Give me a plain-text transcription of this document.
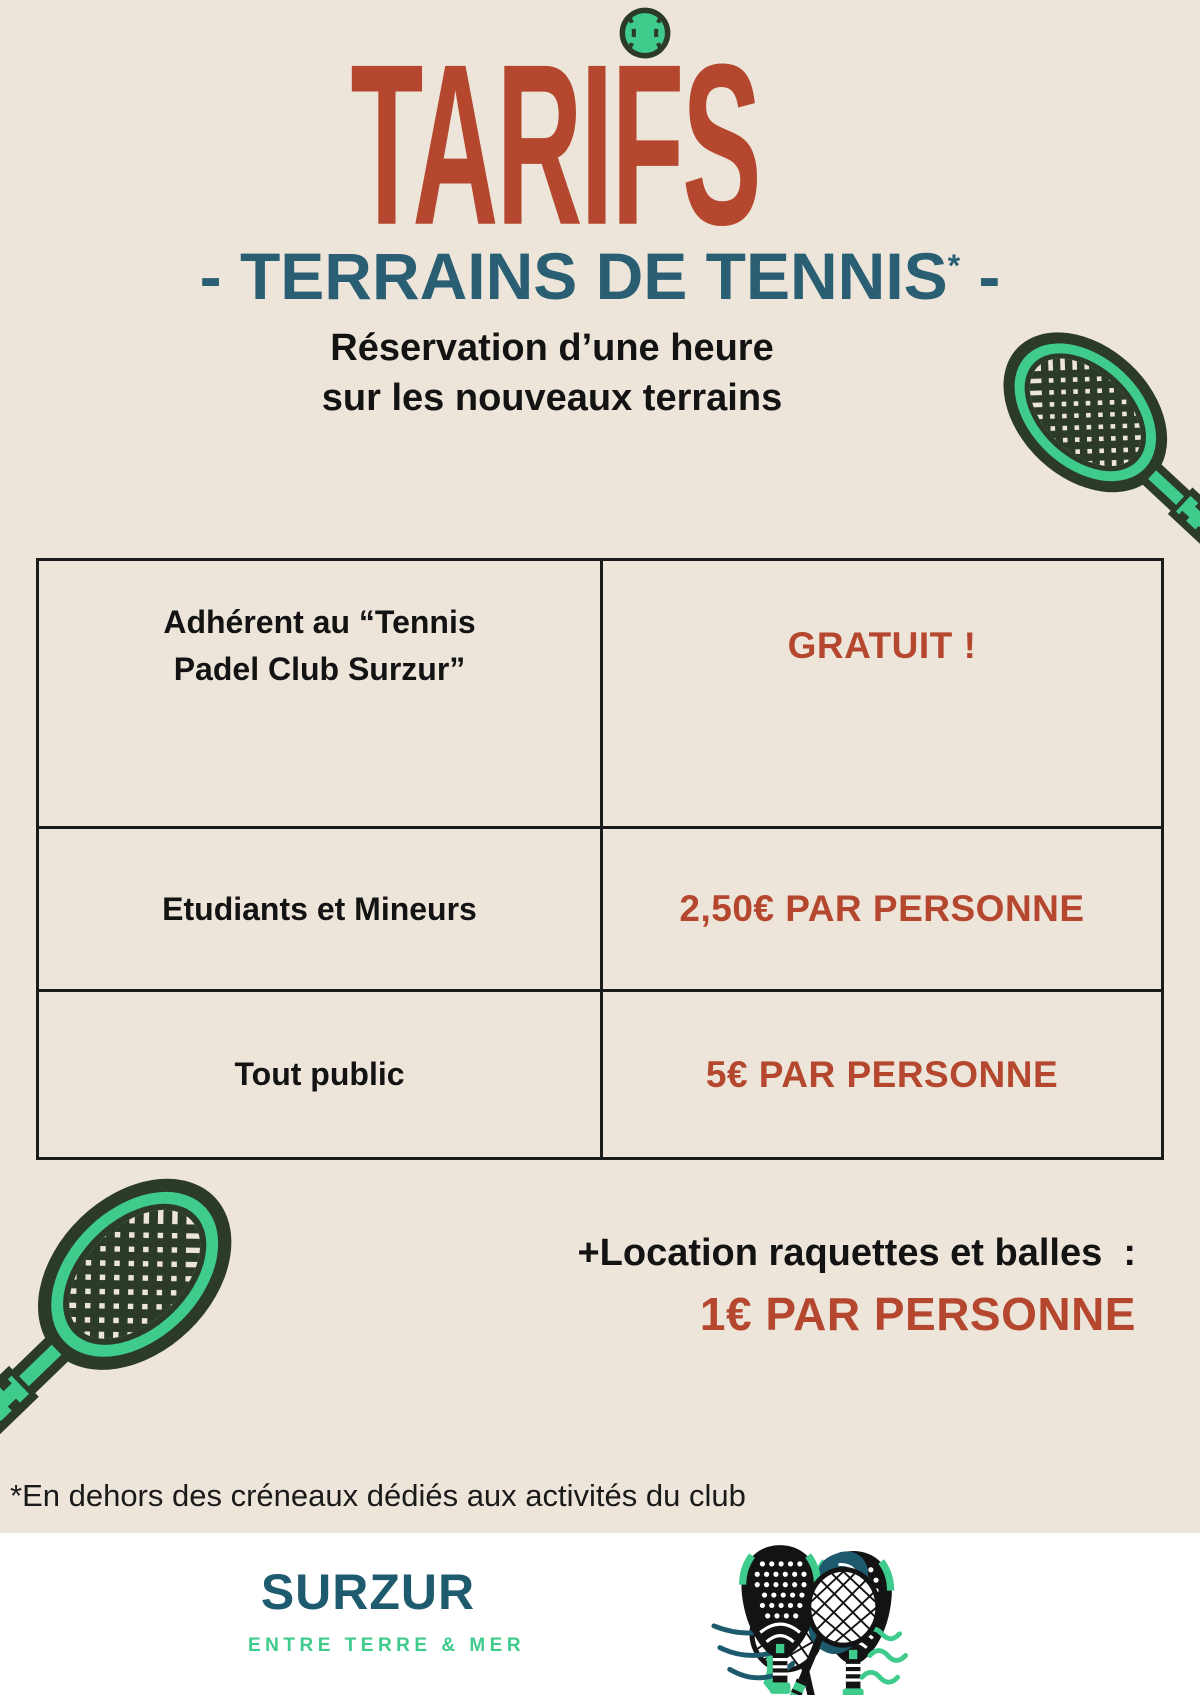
TARIFS
- TERRAINS DE TENNIS* -

Réservation d’une heure
sur les nouveaux terrains

Adhérent au “Tennis Padel Club Surzur”
GRATUIT !
Etudiants et Mineurs	2,50€ PAR PERSONNE
Tout public	5€ PAR PERSONNE

+Location raquettes et balles  :

1€ PAR PERSONNE

*En dehors des créneaux dédiés aux activités du club

SURZUR

ENTRE TERRE & MER
